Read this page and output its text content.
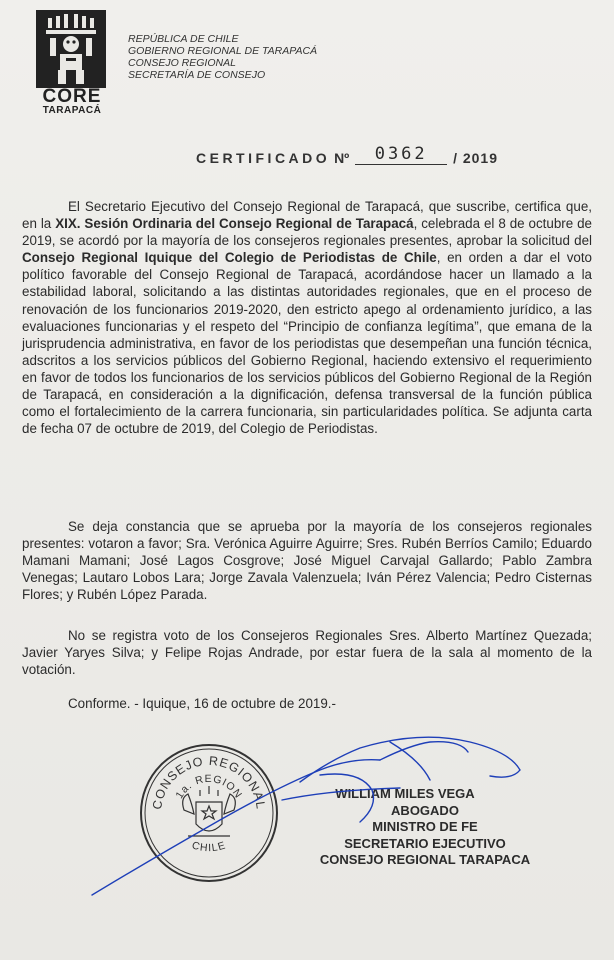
CORE
TARAPACÁ
REPÚBLICA DE CHILE
GOBIERNO REGIONAL DE TARAPACÁ
CONSEJO REGIONAL
SECRETARÍA DE CONSEJO
CERTIFICADO Nº 0362 / 2019

El Secretario Ejecutivo del Consejo Regional de Tarapacá, que suscribe, certifica que, en la XIX. Sesión Ordinaria del Consejo Regional de Tarapacá, celebrada el 8 de octubre de 2019, se acordó por la mayoría de los consejeros regionales presentes, aprobar la solicitud del Consejo Regional Iquique del Colegio de Periodistas de Chile, en orden a dar el voto político favorable del Consejo Regional de Tarapacá, acordándose hacer un llamado a la estabilidad laboral, solicitando a las distintas autoridades regionales, que en el proceso de renovación de los funcionarios 2019-2020, den estricto apego al ordenamiento jurídico, a las evaluaciones funcionarias y el respeto del “Principio de confianza legítima”, que emana de la jurisprudencia administrativa, en favor de los periodistas que desempeñan una función técnica, adscritos a los servicios públicos del Gobierno Regional, haciendo extensivo el requerimiento en favor de todos los funcionarios de los servicios públicos del Gobierno Regional de la Región de Tarapacá, en consideración a la dignificación, defensa transversal de la función pública como el fortalecimiento de la carrera funcionaria, sin particularidades política. Se adjunta carta de fecha 07 de octubre de 2019, del Colegio de Periodistas.

Se deja constancia que se aprueba por la mayoría de los consejeros regionales presentes: votaron a favor; Sra. Verónica Aguirre Aguirre; Sres. Rubén Berríos Camilo; Eduardo Mamani Mamani; José Lagos Cosgrove; José Miguel Carvajal Gallardo; Pablo Zambra Venegas; Lautaro Lobos Lara; Jorge Zavala Valenzuela; Iván Pérez Valencia; Pedro Cisternas Flores; y Rubén López Parada.

No se registra voto de los Consejeros Regionales Sres. Alberto Martínez Quezada; Javier Yaryes Silva; y Felipe Rojas Andrade, por estar fuera de la sala al momento de la votación.

Conforme. - Iquique, 16 de octubre de 2019.-

CONSEJO REGIONAL
1a. REGION
CHILE
WILLIAM MILES VEGA
ABOGADO
MINISTRO DE FE
SECRETARIO EJECUTIVO
CONSEJO REGIONAL TARAPACA
